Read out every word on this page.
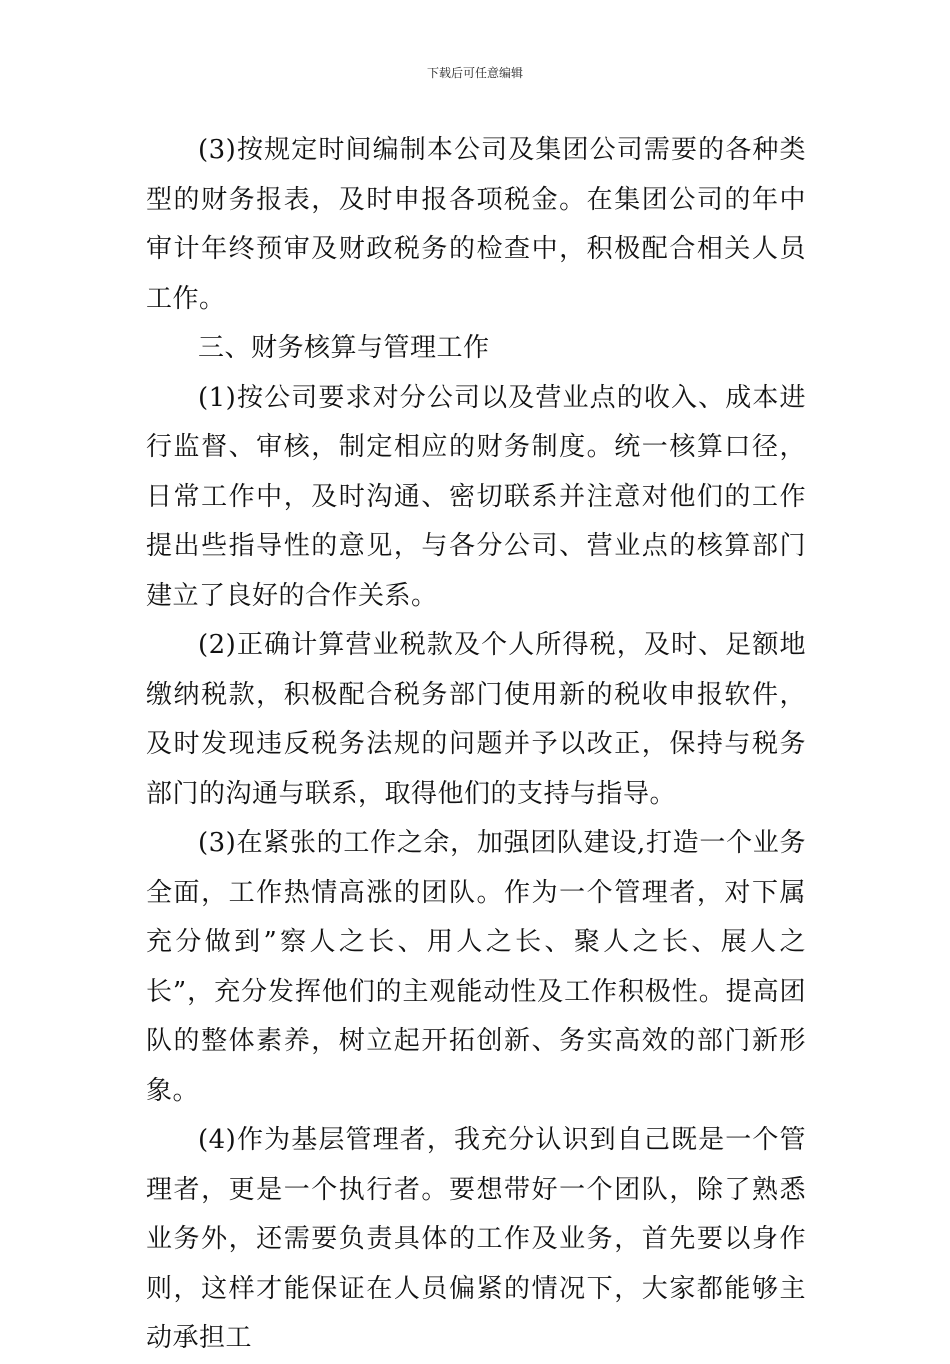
下载后可任意编辑

(3)按规定时间编制本公司及集团公司需要的各种类型的财务报表，及时申报各项税金。在集团公司的年中审计年终预审及财政税务的检查中，积极配合相关人员工作。

三、财务核算与管理工作

(1)按公司要求对分公司以及营业点的收入、成本进行监督、审核，制定相应的财务制度。统一核算口径，日常工作中，及时沟通、密切联系并注意对他们的工作提出些指导性的意见，与各分公司、营业点的核算部门建立了良好的合作关系。

(2)正确计算营业税款及个人所得税，及时、足额地缴纳税款，积极配合税务部门使用新的税收申报软件，及时发现违反税务法规的问题并予以改正，保持与税务部门的沟通与联系，取得他们的支持与指导。

(3)在紧张的工作之余，加强团队建设,打造一个业务全面，工作热情高涨的团队。作为一个管理者，对下属充分做到”察人之长、用人之长、聚人之长、展人之长”，充分发挥他们的主观能动性及工作积极性。提高团队的整体素养，树立起开拓创新、务实高效的部门新形象。

(4)作为基层管理者，我充分认识到自己既是一个管理者，更是一个执行者。要想带好一个团队，除了熟悉业务外，还需要负责具体的工作及业务，首先要以身作则，这样才能保证在人员偏紧的情况下，大家都能够主动承担工
